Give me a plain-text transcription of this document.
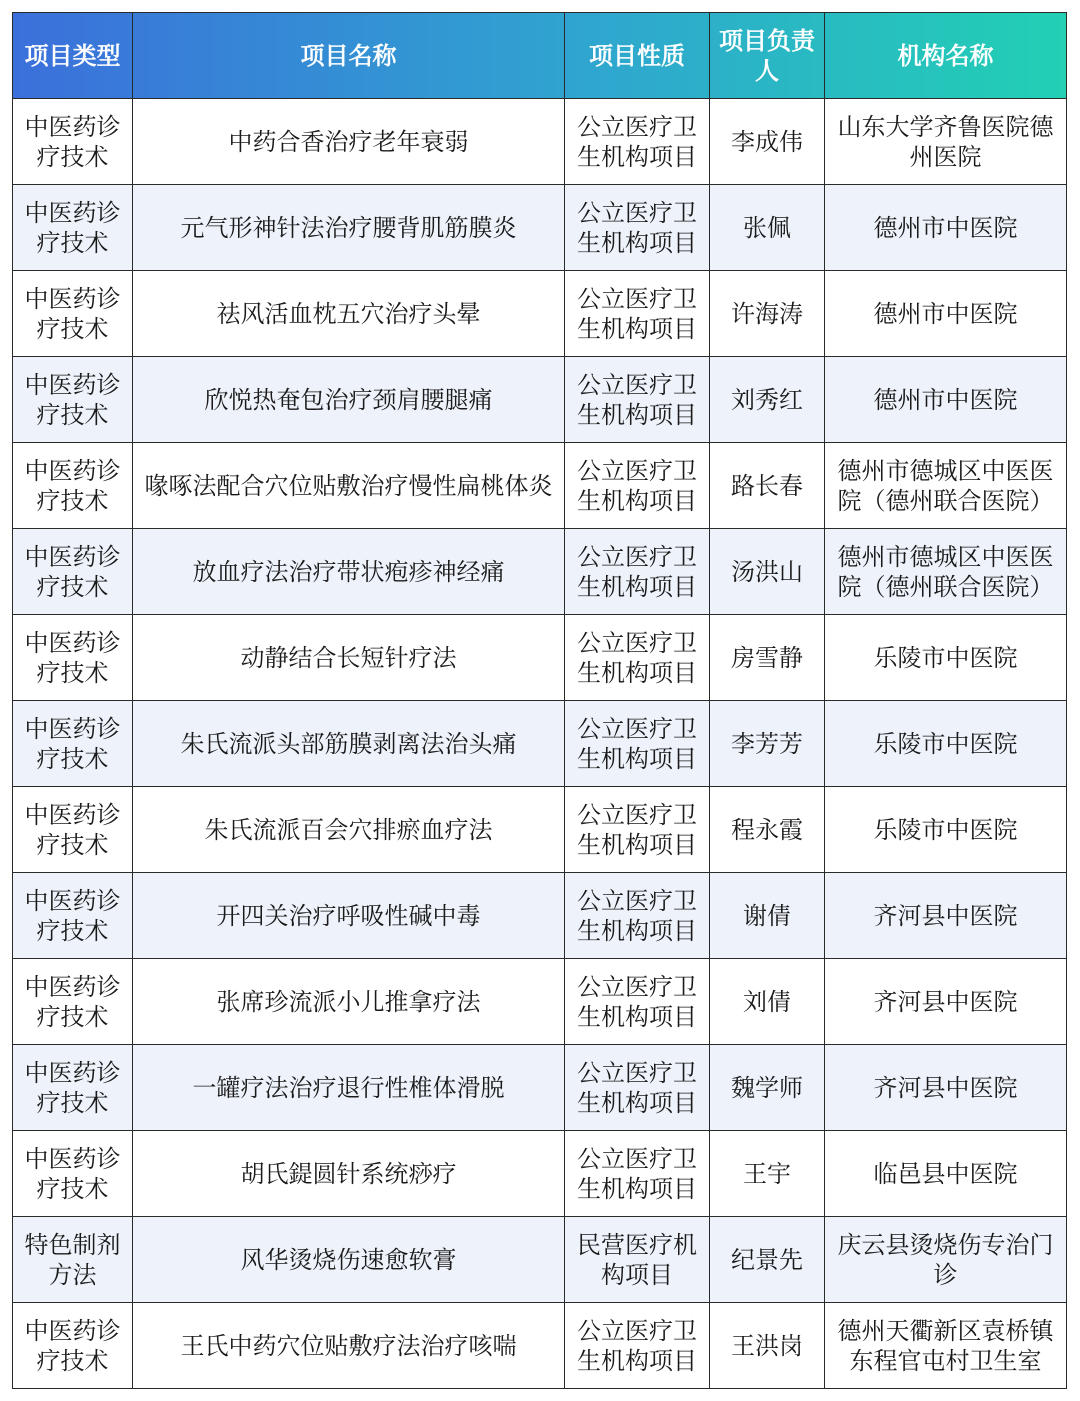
项目类型	项目名称	项目性质	项目负责人	机构名称
中医药诊疗技术	中药合香治疗老年衰弱	公立医疗卫生机构项目	李成伟	山东大学齐鲁医院德州医院
中医药诊疗技术	元气形神针法治疗腰背肌筋膜炎	公立医疗卫生机构项目	张佩	德州市中医院
中医药诊疗技术	祛风活血枕五穴治疗头晕	公立医疗卫生机构项目	许海涛	德州市中医院
中医药诊疗技术	欣悦热奄包治疗颈肩腰腿痛	公立医疗卫生机构项目	刘秀红	德州市中医院
中医药诊疗技术	喙啄法配合穴位贴敷治疗慢性扁桃体炎	公立医疗卫生机构项目	路长春	德州市德城区中医医院（德州联合医院）
中医药诊疗技术	放血疗法治疗带状疱疹神经痛	公立医疗卫生机构项目	汤洪山	德州市德城区中医医院（德州联合医院）
中医药诊疗技术	动静结合长短针疗法	公立医疗卫生机构项目	房雪静	乐陵市中医院
中医药诊疗技术	朱氏流派头部筋膜剥离法治头痛	公立医疗卫生机构项目	李芳芳	乐陵市中医院
中医药诊疗技术	朱氏流派百会穴排瘀血疗法	公立医疗卫生机构项目	程永霞	乐陵市中医院
中医药诊疗技术	开四关治疗呼吸性碱中毒	公立医疗卫生机构项目	谢倩	齐河县中医院
中医药诊疗技术	张席珍流派小儿推拿疗法	公立医疗卫生机构项目	刘倩	齐河县中医院
中医药诊疗技术	一罐疗法治疗退行性椎体滑脱	公立医疗卫生机构项目	魏学师	齐河县中医院
中医药诊疗技术	胡氏鍉圆针系统痧疗	公立医疗卫生机构项目	王宇	临邑县中医院
特色制剂方法	风华烫烧伤速愈软膏	民营医疗机构项目	纪景先	庆云县烫烧伤专治门诊
中医药诊疗技术	王氏中药穴位贴敷疗法治疗咳喘	公立医疗卫生机构项目	王洪岗	德州天衢新区袁桥镇东程官屯村卫生室
